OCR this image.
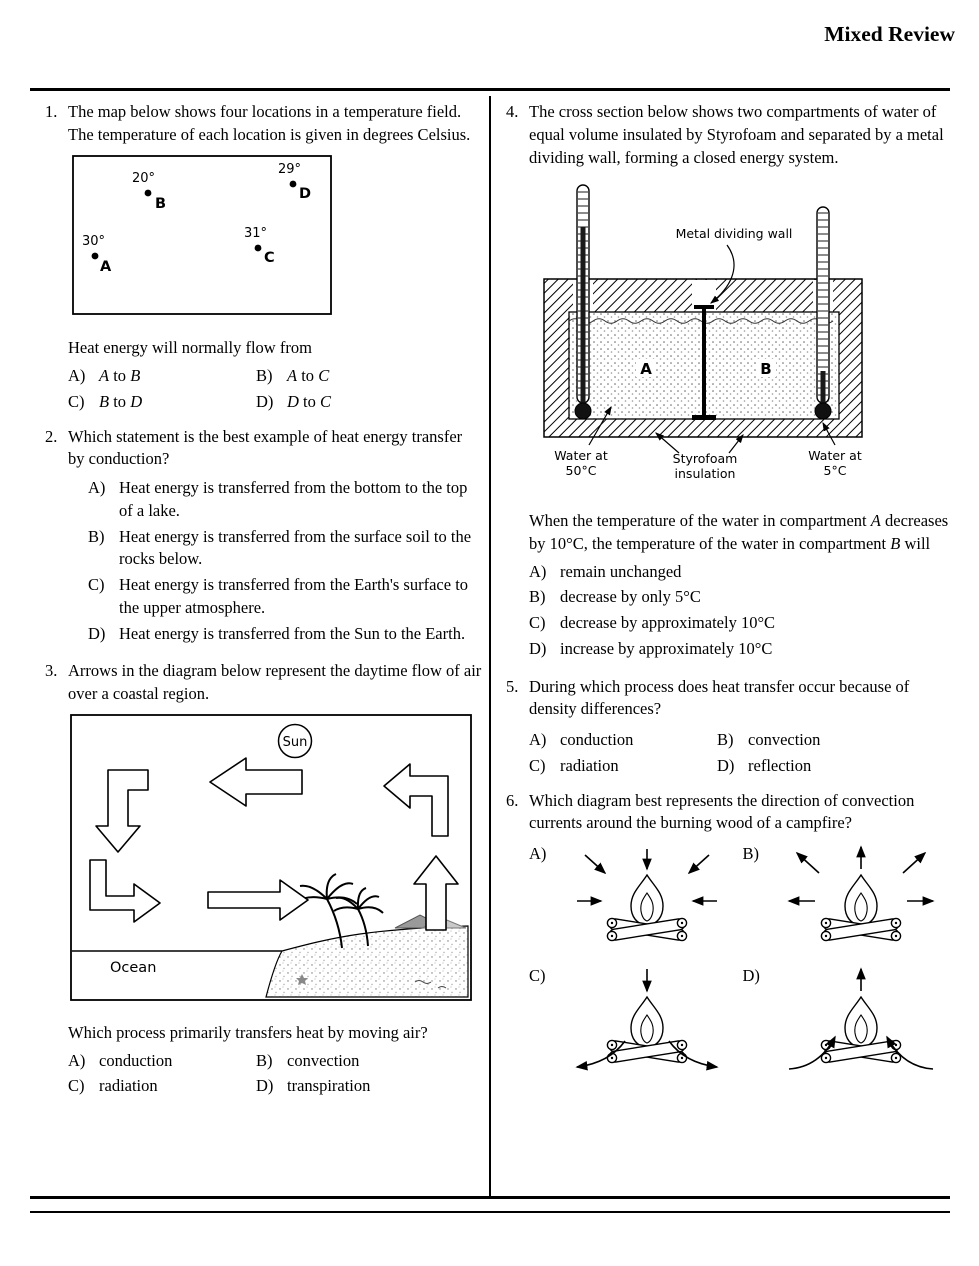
Mixed Review
1. The map below shows four locations in a temperature field. The temperature of each location is given in degrees Celsius.

20°
B
29°
D
30°
A
31°
C

Heat energy will normally flow from

A) A to B	B) A to C
C) B to D	D) D to C
2. Which statement is the best example of heat energy transfer by conduction?

A) Heat energy is transferred from the bottom to the top of a lake.
B) Heat energy is transferred from the surface soil to the rocks below.
C) Heat energy is transferred from the Earth's surface to the upper atmosphere.
D) Heat energy is transferred from the Sun to the Earth.
3. Arrows in the diagram below represent the daytime flow of air over a coastal region.

Sun
Ocean

Which process primarily transfers heat by moving air?

A) conduction	B) convection
C) radiation	D) transpiration
4. The cross section below shows two compartments of water of equal volume insulated by Styrofoam and separated by a metal dividing wall, forming a closed energy system.

A	B
Metal dividing wall
Water at
50°C
Styrofoam
insulation
Water at
5°C

When the temperature of the water in compartment A decreases by 10°C, the temperature of the water in compartment B will

A) remain unchanged
B) decrease by only 5°C
C) decrease by approximately 10°C
D) increase by approximately 10°C
5. During which process does heat transfer occur because of density differences?

A) conduction	B) convection
C) radiation	D) reflection
6. Which diagram best represents the direction of convection currents around the burning wood of a campfire?

A)	B)
C)	D)
